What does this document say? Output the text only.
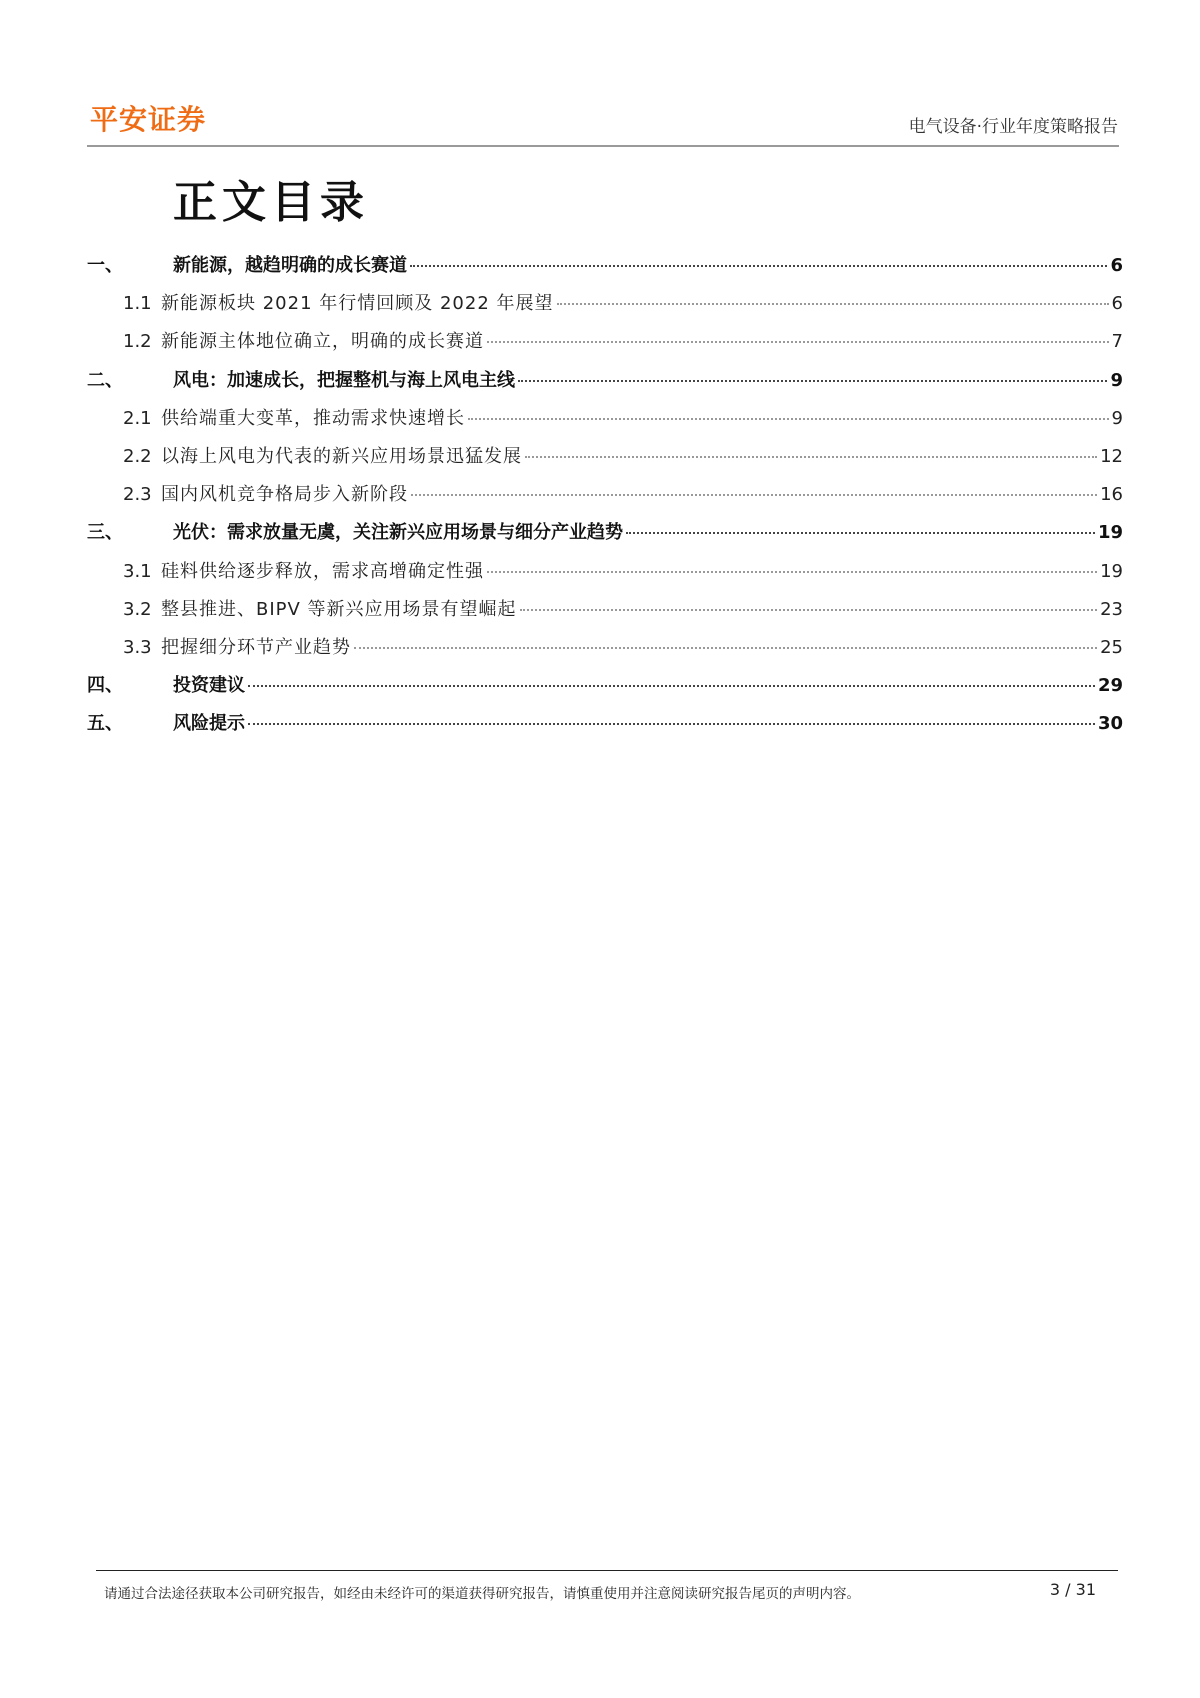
平安证券	电气设备·行业年度策略报告
正文目录
一、	新能源，越趋明确的成长赛道	6
1.1 新能源板块 2021 年行情回顾及 2022 年展望	6
1.2 新能源主体地位确立，明确的成长赛道	7
二、	风电：加速成长，把握整机与海上风电主线	9
2.1 供给端重大变革，推动需求快速增长	9
2.2 以海上风电为代表的新兴应用场景迅猛发展	12
2.3 国内风机竞争格局步入新阶段	16
三、	光伏：需求放量无虞，关注新兴应用场景与细分产业趋势	19
3.1 硅料供给逐步释放，需求高增确定性强	19
3.2 整县推进、BIPV 等新兴应用场景有望崛起	23
3.3 把握细分环节产业趋势	25
四、	投资建议	29
五、	风险提示	30
请通过合法途径获取本公司研究报告，如经由未经许可的渠道获得研究报告，请慎重使用并注意阅读研究报告尾页的声明内容。	3 / 31
